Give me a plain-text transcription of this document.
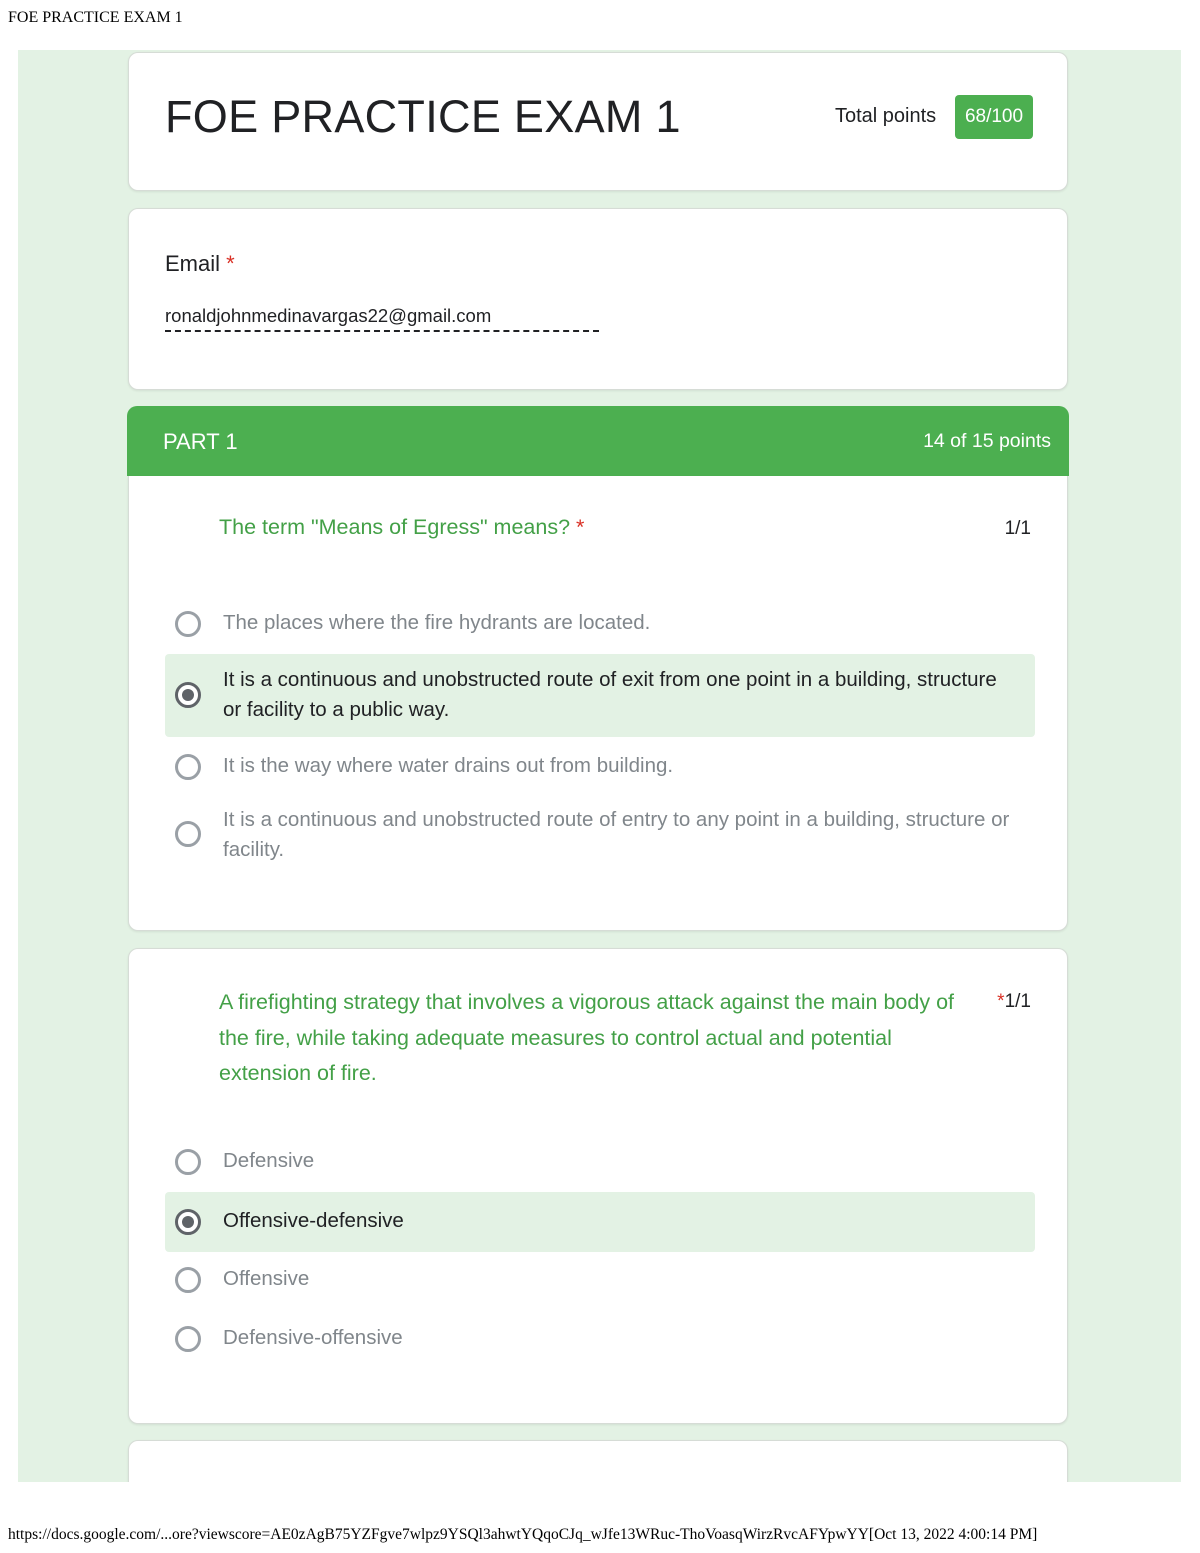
FOE PRACTICE EXAM 1
FOE PRACTICE EXAM 1	Total points	68/100
Email *
ronaldjohnmedinavargas22@gmail.com
PART 1	14 of 15 points

The term "Means of Egress" means? *	1/1
The places where the fire hydrants are located.
It is a continuous and unobstructed route of exit from one point in a building, structure or facility to a public way.
It is the way where water drains out from building.
It is a continuous and unobstructed route of entry to any point in a building, structure or facility.

A firefighting strategy that involves a vigorous attack against the main body of the fire, while taking adequate measures to control actual and potential extension of fire.

*1/1
Defensive
Offensive-defensive
Offensive
Defensive-offensive
https://docs.google.com/...ore?viewscore=AE0zAgB75YZFgve7wlpz9YSQl3ahwtYQqoCJq_wJfe13WRuc-ThoVoasqWirzRvcAFYpwYY[Oct 13, 2022 4:00:14 PM]
